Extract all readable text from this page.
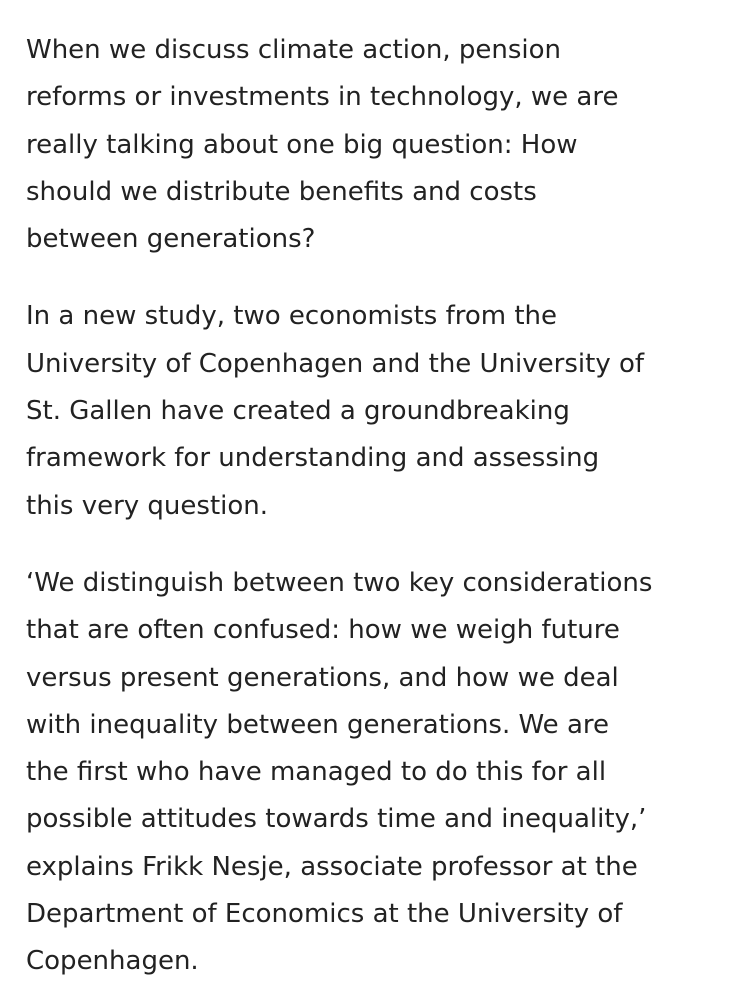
When we discuss climate action, pension
reforms or investments in technology, we are
really talking about one big question: How
should we distribute benefits and costs
between generations?

In a new study, two economists from the
University of Copenhagen and the University of
St. Gallen have created a groundbreaking
framework for understanding and assessing
this very question.

‘We distinguish between two key considerations
that are often confused: how we weigh future
versus present generations, and how we deal
with inequality between generations. We are
the first who have managed to do this for all
possible attitudes towards time and inequality,’
explains Frikk Nesje, associate professor at the
Department of Economics at the University of
Copenhagen.
